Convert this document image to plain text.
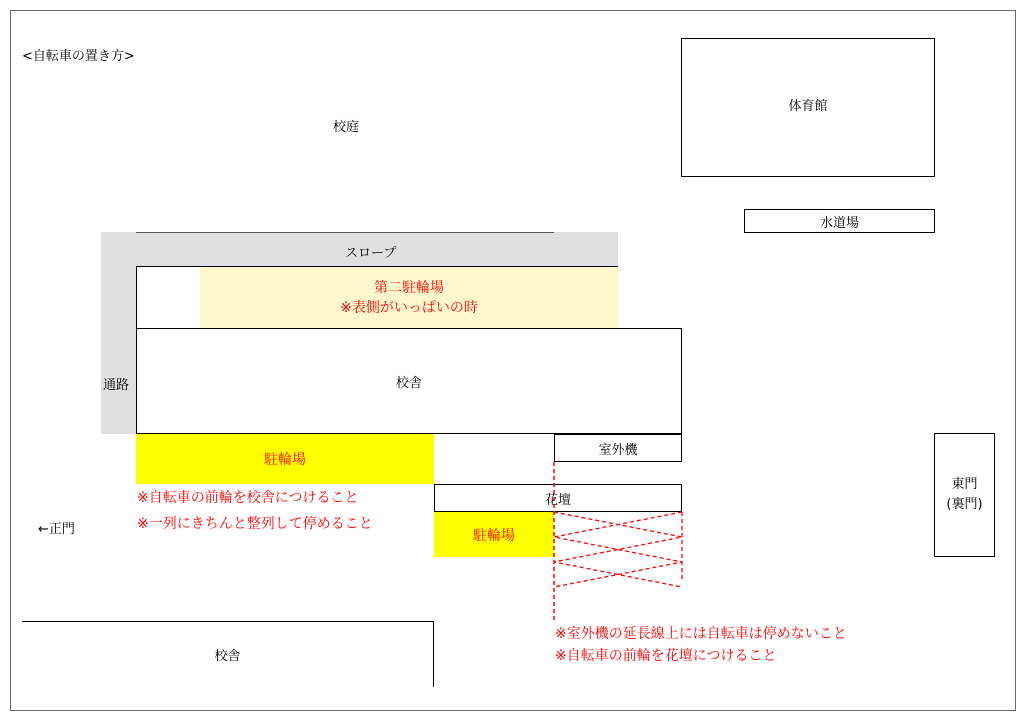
<自転車の置き方>
校庭
体育館
水道場
スロープ
通路
第二駐輪場
※表側がいっぱいの時
校舎
室外機
駐輪場
※自転車の前輪を校舎につけること
※一列にきちんと整列して停めること
←正門
花壇
駐輪場
※室外機の延長線上には自転車は停めないこと
※自転車の前輪を花壇につけること
東門
(裏門)
校舎
